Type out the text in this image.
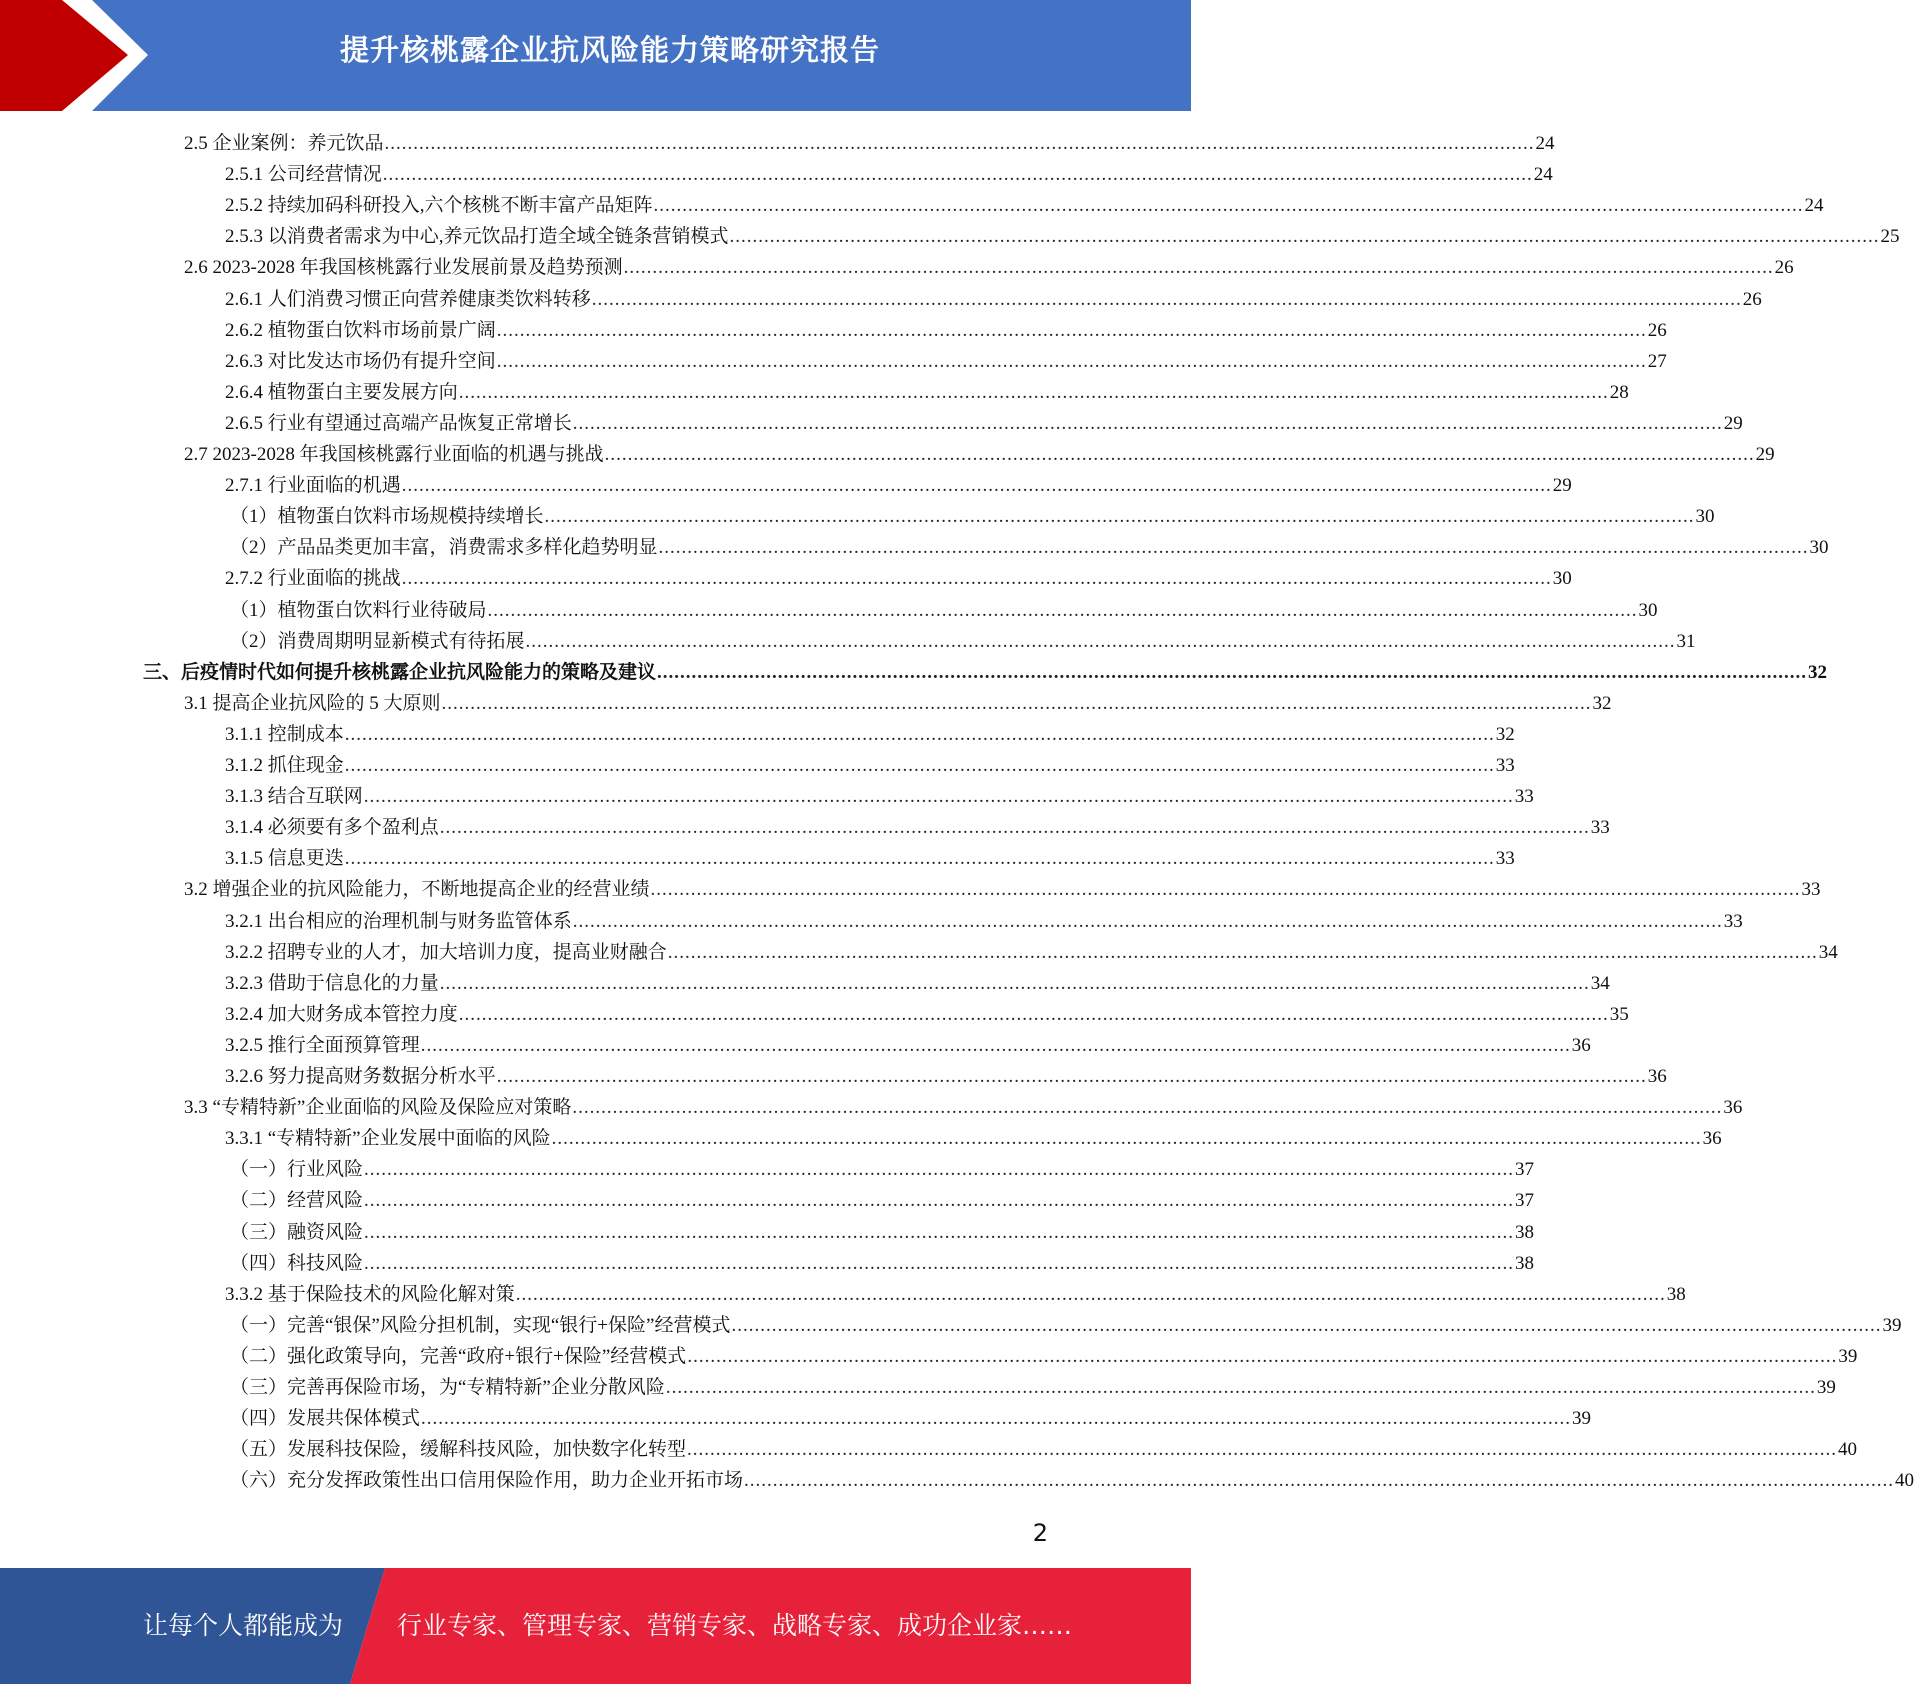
提升核桃露企业抗风险能力策略研究报告
2.5 企业案例：养元饮品 ........................................................................................................................................................................................................ 24
2.5.1 公司经营情况 ........................................................................................................................................................................................................ 24
2.5.2 持续加码科研投入,六个核桃不断丰富产品矩阵 ........................................................................................................................................................................................................ 24
2.5.3 以消费者需求为中心,养元饮品打造全域全链条营销模式 ........................................................................................................................................................................................................ 25
2.6 2023-2028 年我国核桃露行业发展前景及趋势预测 ........................................................................................................................................................................................................ 26
2.6.1 人们消费习惯正向营养健康类饮料转移 ........................................................................................................................................................................................................ 26
2.6.2 植物蛋白饮料市场前景广阔 ........................................................................................................................................................................................................ 26
2.6.3 对比发达市场仍有提升空间 ........................................................................................................................................................................................................ 27
2.6.4 植物蛋白主要发展方向 ........................................................................................................................................................................................................ 28
2.6.5 行业有望通过高端产品恢复正常增长 ........................................................................................................................................................................................................ 29
2.7 2023-2028 年我国核桃露行业面临的机遇与挑战 ........................................................................................................................................................................................................ 29
2.7.1 行业面临的机遇 ........................................................................................................................................................................................................ 29
（1）植物蛋白饮料市场规模持续增长 ........................................................................................................................................................................................................ 30
（2）产品品类更加丰富，消费需求多样化趋势明显 ........................................................................................................................................................................................................ 30
2.7.2 行业面临的挑战 ........................................................................................................................................................................................................ 30
（1）植物蛋白饮料行业待破局 ........................................................................................................................................................................................................ 30
（2）消费周期明显新模式有待拓展 ........................................................................................................................................................................................................ 31
三、后疫情时代如何提升核桃露企业抗风险能力的策略及建议 ........................................................................................................................................................................................................ 32
3.1 提高企业抗风险的 5 大原则 ........................................................................................................................................................................................................ 32
3.1.1 控制成本 ........................................................................................................................................................................................................ 32
3.1.2 抓住现金 ........................................................................................................................................................................................................ 33
3.1.3 结合互联网 ........................................................................................................................................................................................................ 33
3.1.4 必须要有多个盈利点 ........................................................................................................................................................................................................ 33
3.1.5 信息更迭 ........................................................................................................................................................................................................ 33
3.2 增强企业的抗风险能力，不断地提高企业的经营业绩 ........................................................................................................................................................................................................ 33
3.2.1 出台相应的治理机制与财务监管体系 ........................................................................................................................................................................................................ 33
3.2.2 招聘专业的人才，加大培训力度，提高业财融合 ........................................................................................................................................................................................................ 34
3.2.3 借助于信息化的力量 ........................................................................................................................................................................................................ 34
3.2.4 加大财务成本管控力度 ........................................................................................................................................................................................................ 35
3.2.5 推行全面预算管理 ........................................................................................................................................................................................................ 36
3.2.6 努力提高财务数据分析水平 ........................................................................................................................................................................................................ 36
3.3 “专精特新”企业面临的风险及保险应对策略 ........................................................................................................................................................................................................ 36
3.3.1 “专精特新”企业发展中面临的风险 ........................................................................................................................................................................................................ 36
（一）行业风险 ........................................................................................................................................................................................................ 37
（二）经营风险 ........................................................................................................................................................................................................ 37
（三）融资风险 ........................................................................................................................................................................................................ 38
（四）科技风险 ........................................................................................................................................................................................................ 38
3.3.2 基于保险技术的风险化解对策 ........................................................................................................................................................................................................ 38
（一）完善“银保”风险分担机制，实现“银行+保险”经营模式 ........................................................................................................................................................................................................ 39
（二）强化政策导向，完善“政府+银行+保险”经营模式 ........................................................................................................................................................................................................ 39
（三）完善再保险市场，为“专精特新”企业分散风险 ........................................................................................................................................................................................................ 39
（四）发展共保体模式 ........................................................................................................................................................................................................ 39
（五）发展科技保险，缓解科技风险，加快数字化转型 ........................................................................................................................................................................................................ 40
（六）充分发挥政策性出口信用保险作用，助力企业开拓市场 ........................................................................................................................................................................................................ 40
2
让每个人都能成为 行业专家、管理专家、营销专家、战略专家、成功企业家……
